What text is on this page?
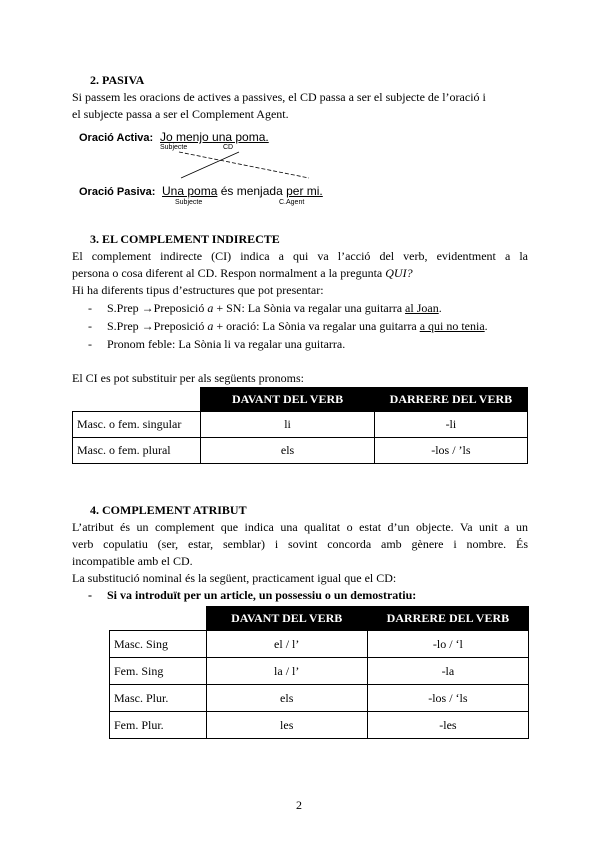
2. PASIVA
Si passem les oracions de actives a passives, el CD passa a ser el subjecte de l’oració i
el subjecte passa a ser el Complement Agent.
Oració Activa: Jo menjo una poma.
Subjecte	CD
Oració Pasiva: Una poma és menjada per mi.
Subjecte	C.Agent
3. EL COMPLEMENT INDIRECTE
El complement indirecte (CI) indica a qui va l’acció del verb, evidentment a la
persona o cosa diferent al CD. Respon normalment a la pregunta QUI?
Hi ha diferents tipus d’estructures que pot presentar:
- S.Prep →Preposició a + SN: La Sònia va regalar una guitarra al Joan.
- S.Prep →Preposició a + oració: La Sònia va regalar una guitarra a qui no tenia.
- Pronom feble: La Sònia li va regalar una guitarra.
El CI es pot substituir per als següents pronoms:
	DAVANT DEL VERB	DARRERE DEL VERB
Masc. o fem. singular	li	-li
Masc. o fem. plural	els	-los / ’ls
4. COMPLEMENT ATRIBUT
L’atribut és un complement que indica una qualitat o estat d’un objecte. Va unit a un
verb copulatiu (ser, estar, semblar) i sovint concorda amb gènere i nombre. És
incompatible amb el CD.
La substitució nominal és la següent, practicament igual que el CD:
- Si va introduït per un article, un possessiu o un demostratiu:
	DAVANT DEL VERB	DARRERE DEL VERB
Masc. Sing	el / l’	-lo / ‘l
Fem. Sing	la / l’	-la
Masc. Plur.	els	-los / ‘ls
Fem. Plur.	les	-les
2
